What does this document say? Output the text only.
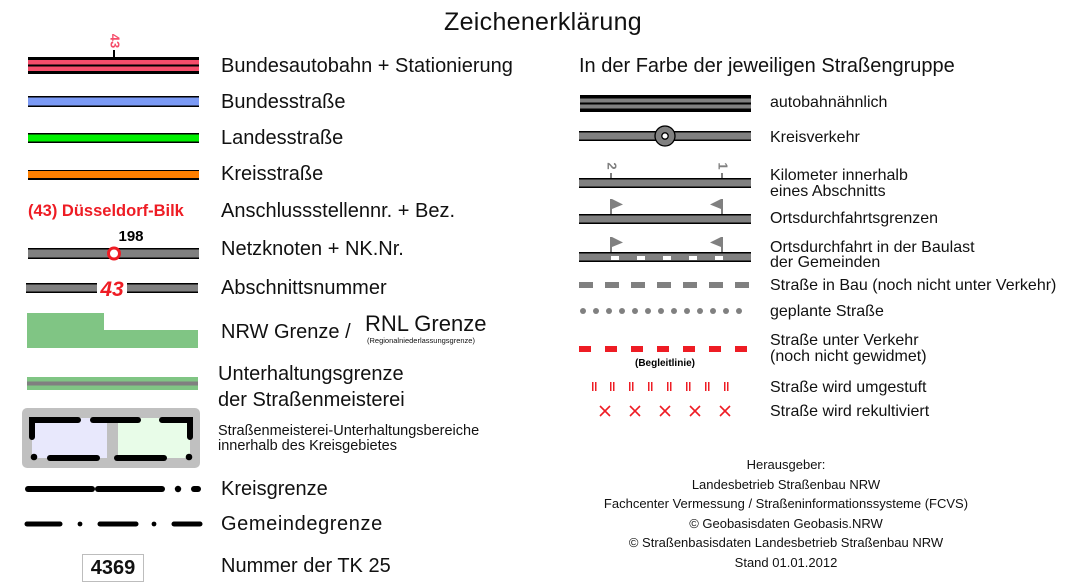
Zeichenerklärung
43
Bundesautobahn + Stationierung
Bundesstraße
Landesstraße
Kreisstraße
(43) Düsseldorf-Bilk Anschlussstellennr. + Bez.
198
Netzknoten + NK.Nr.
43	Abschnittsnummer
NRW Grenze / RNL Grenze
(Regionalniederlassungsgrenze)
Unterhaltungsgrenze
der Straßenmeisterei
Straßenmeisterei-Unterhaltungsbereiche
innerhalb des Kreisgebietes
Kreisgrenze
Gemeindegrenze
4369	Nummer der TK 25
In der Farbe der jeweiligen Straßengruppe
autobahnähnlich
Kreisverkehr
2	1
Kilometer innerhalb
eines Abschnitts
Ortsdurchfahrtsgrenzen
Ortsdurchfahrt in der Baulast
der Gemeinden
Straße in Bau (noch nicht unter Verkehr)
geplante Straße
(Begleitlinie)
Straße unter Verkehr
(noch nicht gewidmet)
Straße wird umgestuft
Straße wird rekultiviert
Herausgeber:
Landesbetrieb Straßenbau NRW
Fachcenter Vermessung / Straßeninformationssysteme (FCVS)
© Geobasisdaten Geobasis.NRW
© Straßenbasisdaten Landesbetrieb Straßenbau NRW
Stand 01.01.2012
